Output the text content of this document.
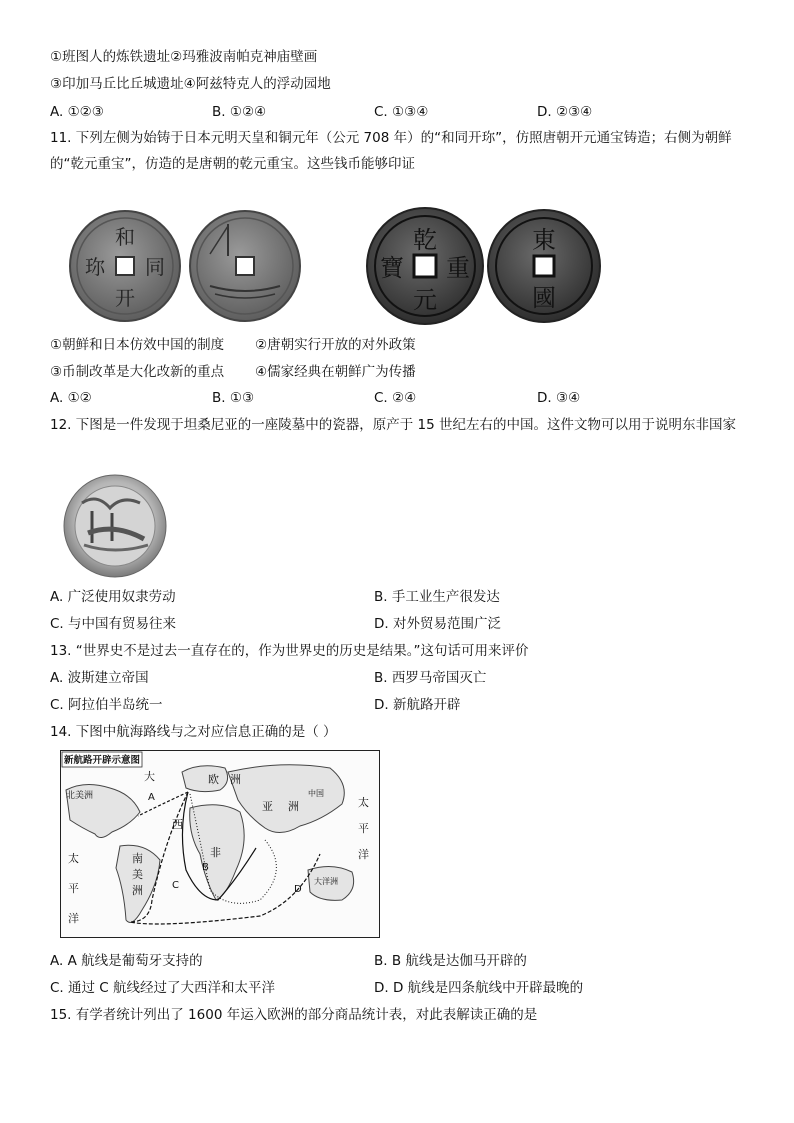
①班图人的炼铁遗址②玛雅波南帕克神庙壁画
③印加马丘比丘城遗址④阿兹特克人的浮动园地
A. ①②③	B. ①②④	C. ①③④	D. ②③④
11. 下列左侧为始铸于日本元明天皇和铜元年（公元 708 年）的“和同开珎”，仿照唐朝开元通宝铸造；右侧为朝鲜的“乾元重宝”，仿造的是唐朝的乾元重宝。这些钱币能够印证
和
开
同
珎
乾
元
重
寶
東
國
①朝鲜和日本仿效中国的制度 ②唐朝实行开放的对外政策
③币制改革是大化改新的重点 ④儒家经典在朝鲜广为传播
A. ①②	B. ①③	C. ②④	D. ③④
12. 下图是一件发现于坦桑尼亚的一座陵墓中的瓷器，原产于 15 世纪左右的中国。这件文物可以用于说明东非国家
A. 广泛使用奴隶劳动	B. 手工业生产很发达
C. 与中国有贸易往来	D. 对外贸易范围广泛
13. “世界史不是过去一直存在的，作为世界史的历史是结果。”这句话可用来评价
A. 波斯建立帝国	B. 西罗马帝国灭亡
C. 阿拉伯半岛统一	D. 新航路开辟
14. 下图中航海路线与之对应信息正确的是（ ）
新航路开辟示意图
大	欧 洲
北美洲
西
亚 洲
中国
太
平
太
平
洋
非
南
美
洲
洋
大洋洲
A
B
C	D
A. A 航线是葡萄牙支持的	B. B 航线是达伽马开辟的
C. 通过 C 航线经过了大西洋和太平洋	D. D 航线是四条航线中开辟最晚的
15. 有学者统计列出了 1600 年运入欧洲的部分商品统计表，对此表解读正确的是
